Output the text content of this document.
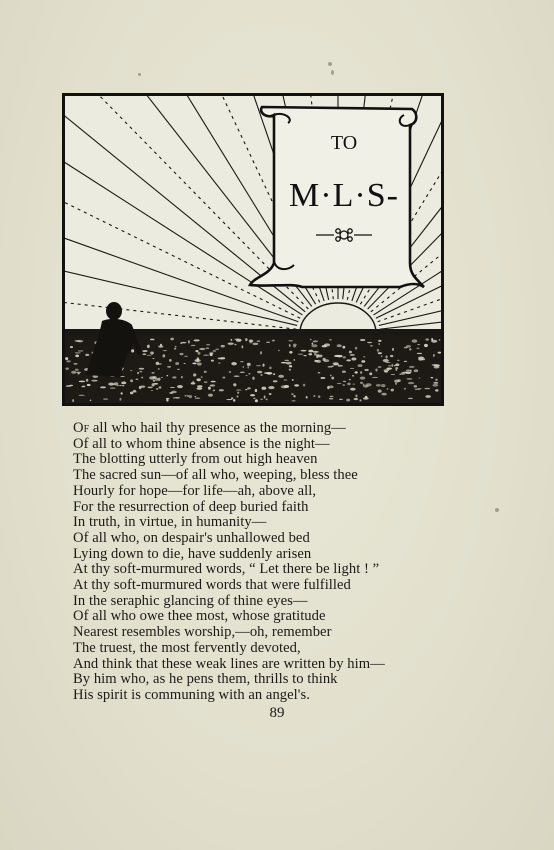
TO
M·L·S-
Of all who hail thy presence as the morning—
Of all to whom thine absence is the night—
The blotting utterly from out high heaven
The sacred sun—of all who, weeping, bless thee
Hourly for hope—for life—ah, above all,
For the resurrection of deep buried faith
In truth, in virtue, in humanity—
Of all who, on despair's unhallowed bed
Lying down to die, have suddenly arisen
At thy soft-murmured words, “ Let there be light ! ”
At thy soft-murmured words that were fulfilled
In the seraphic glancing of thine eyes—
Of all who owe thee most, whose gratitude
Nearest resembles worship,—oh, remember
The truest, the most fervently devoted,
And think that these weak lines are written by him—
By him who, as he pens them, thrills to think
His spirit is communing with an angel's.
89
